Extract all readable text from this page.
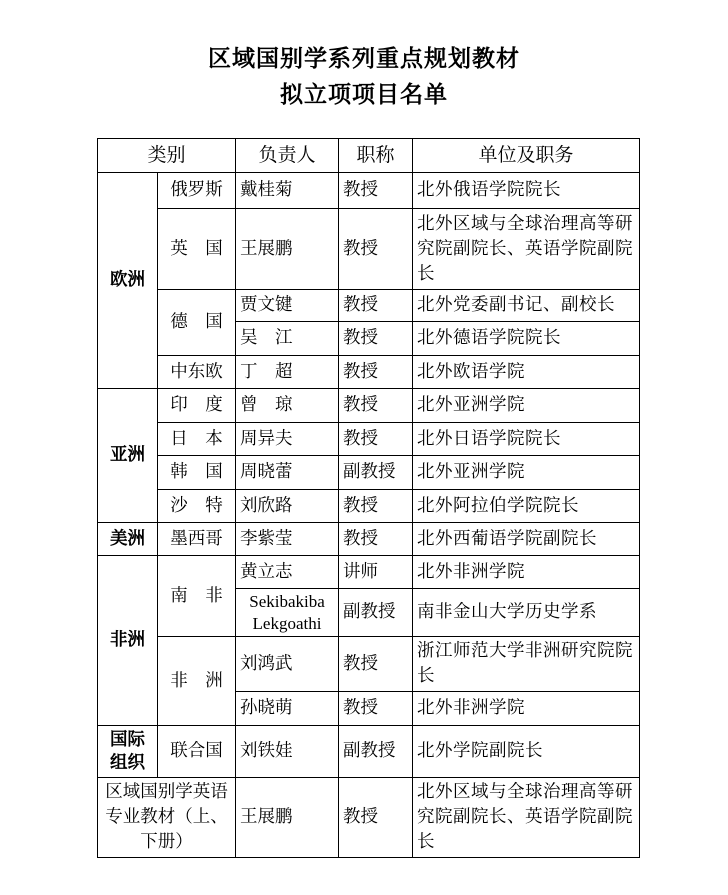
区域国别学系列重点规划教材
拟立项项目名单
类别		负责人	职称	单位及职务
欧洲	俄罗斯	戴桂菊	教授	北外俄语学院院长
	英　国	王展鹏	教授	北外区域与全球治理高等研究院副院长、英语学院副院长
	德　国	贾文键	教授	北外党委副书记、副校长
		吴　江	教授	北外德语学院院长
	中东欧	丁　超	教授	北外欧语学院
亚洲	印　度	曾　琼	教授	北外亚洲学院
	日　本	周异夫	教授	北外日语学院院长
	韩　国	周晓蕾	副教授	北外亚洲学院
	沙　特	刘欣路	教授	北外阿拉伯学院院长
美洲	墨西哥	李紫莹	教授	北外西葡语学院副院长
非洲	南　非	黄立志	讲师	北外非洲学院
		Sekibakiba Lekgoathi	副教授	南非金山大学历史学系
	非　洲	刘鸿武	教授	浙江师范大学非洲研究院院长
		孙晓萌	教授	北外非洲学院
国际组织	联合国	刘铁娃	副教授	北外学院副院长
区域国别学英语专业教材（上、下册）		王展鹏	教授	北外区域与全球治理高等研究院副院长、英语学院副院长
